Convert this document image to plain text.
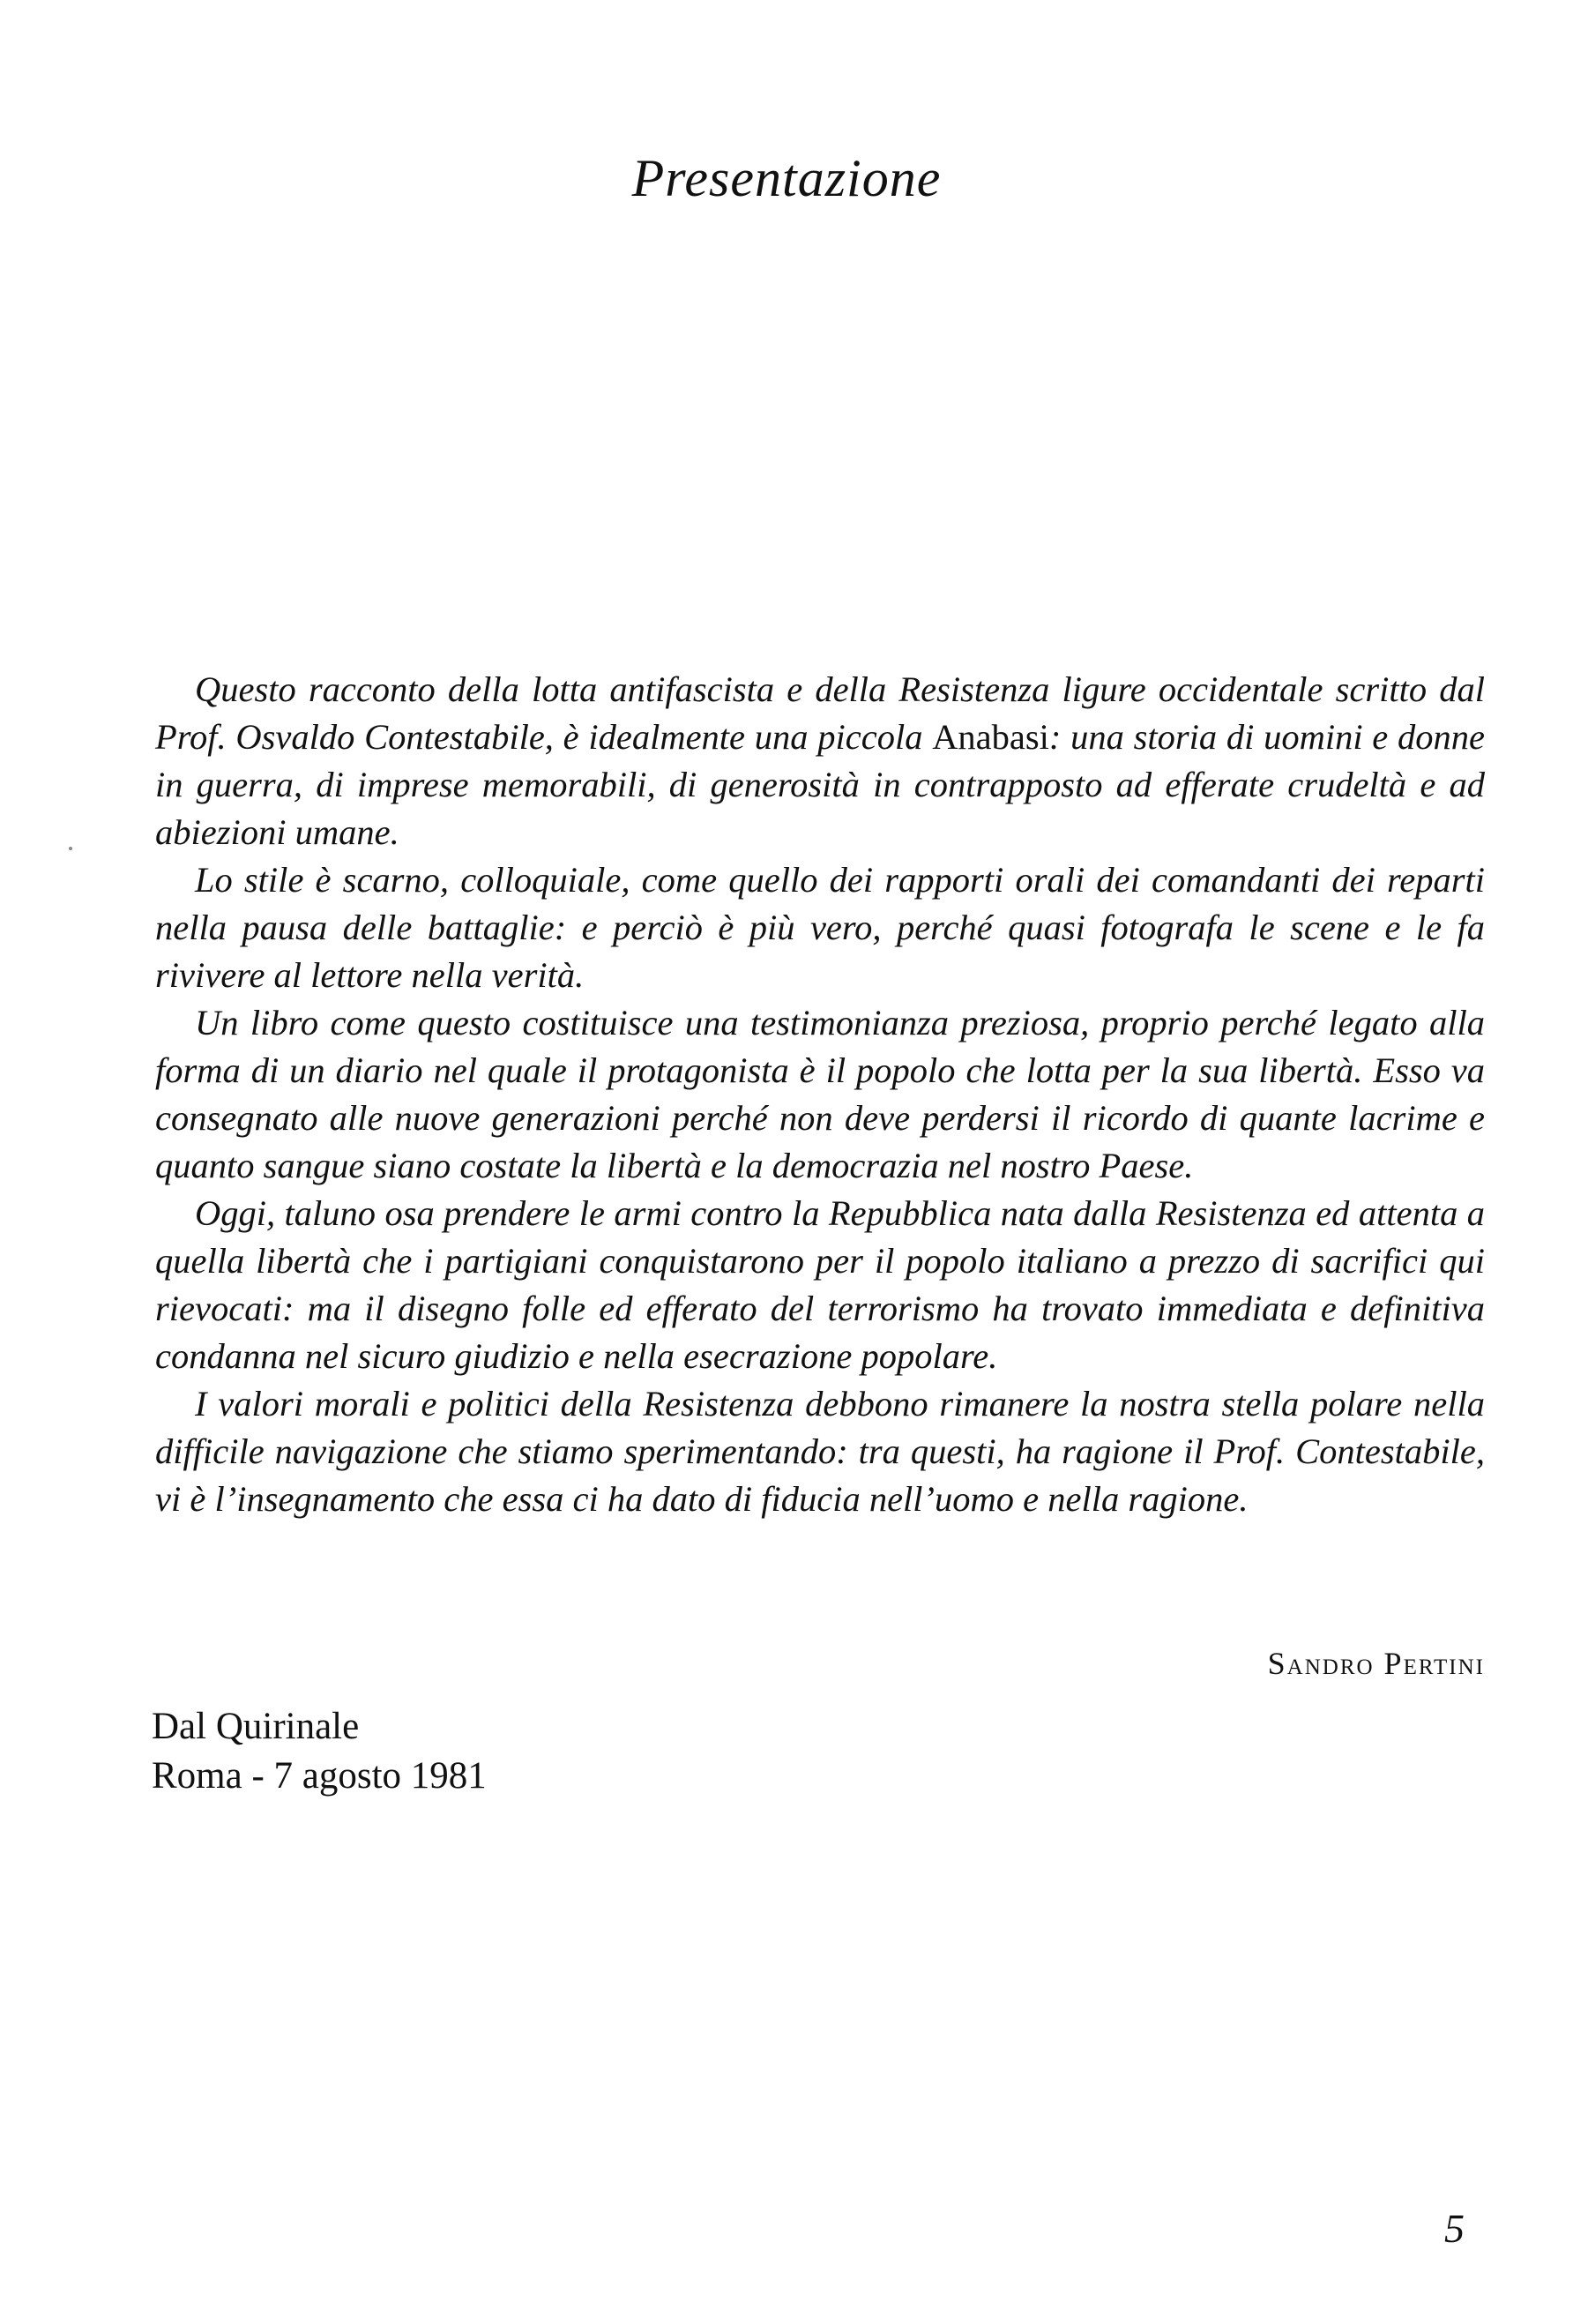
Presentazione

Questo racconto della lotta antifascista e della Resistenza ligure occidentale scritto dal Prof. Osvaldo Contestabile, è idealmente una piccola Anabasi: una storia di uomini e donne in guerra, di imprese memorabili, di generosità in contrapposto ad efferate crudeltà e ad abiezioni umane.

Lo stile è scarno, colloquiale, come quello dei rapporti orali dei comandanti dei reparti nella pausa delle battaglie: e perciò è più vero, perché quasi fotografa le scene e le fa rivivere al lettore nella verità.

Un libro come questo costituisce una testimonianza preziosa, proprio perché legato alla forma di un diario nel quale il protagonista è il popolo che lotta per la sua libertà. Esso va consegnato alle nuove generazioni perché non deve perdersi il ricordo di quante lacrime e quanto sangue siano costate la libertà e la democrazia nel nostro Paese.

Oggi, taluno osa prendere le armi contro la Repubblica nata dalla Resistenza ed attenta a quella libertà che i partigiani conquistarono per il popolo italiano a prezzo di sacrifici qui rievocati: ma il disegno folle ed efferato del terrorismo ha trovato immediata e definitiva condanna nel sicuro giudizio e nella esecrazione popolare.

I valori morali e politici della Resistenza debbono rimanere la nostra stella polare nella difficile navigazione che stiamo sperimentando: tra questi, ha ragione il Prof. Contestabile, vi è l’insegnamento che essa ci ha dato di fiducia nell’uomo e nella ragione.

Sandro Pertini
Dal Quirinale
Roma - 7 agosto 1981
5
